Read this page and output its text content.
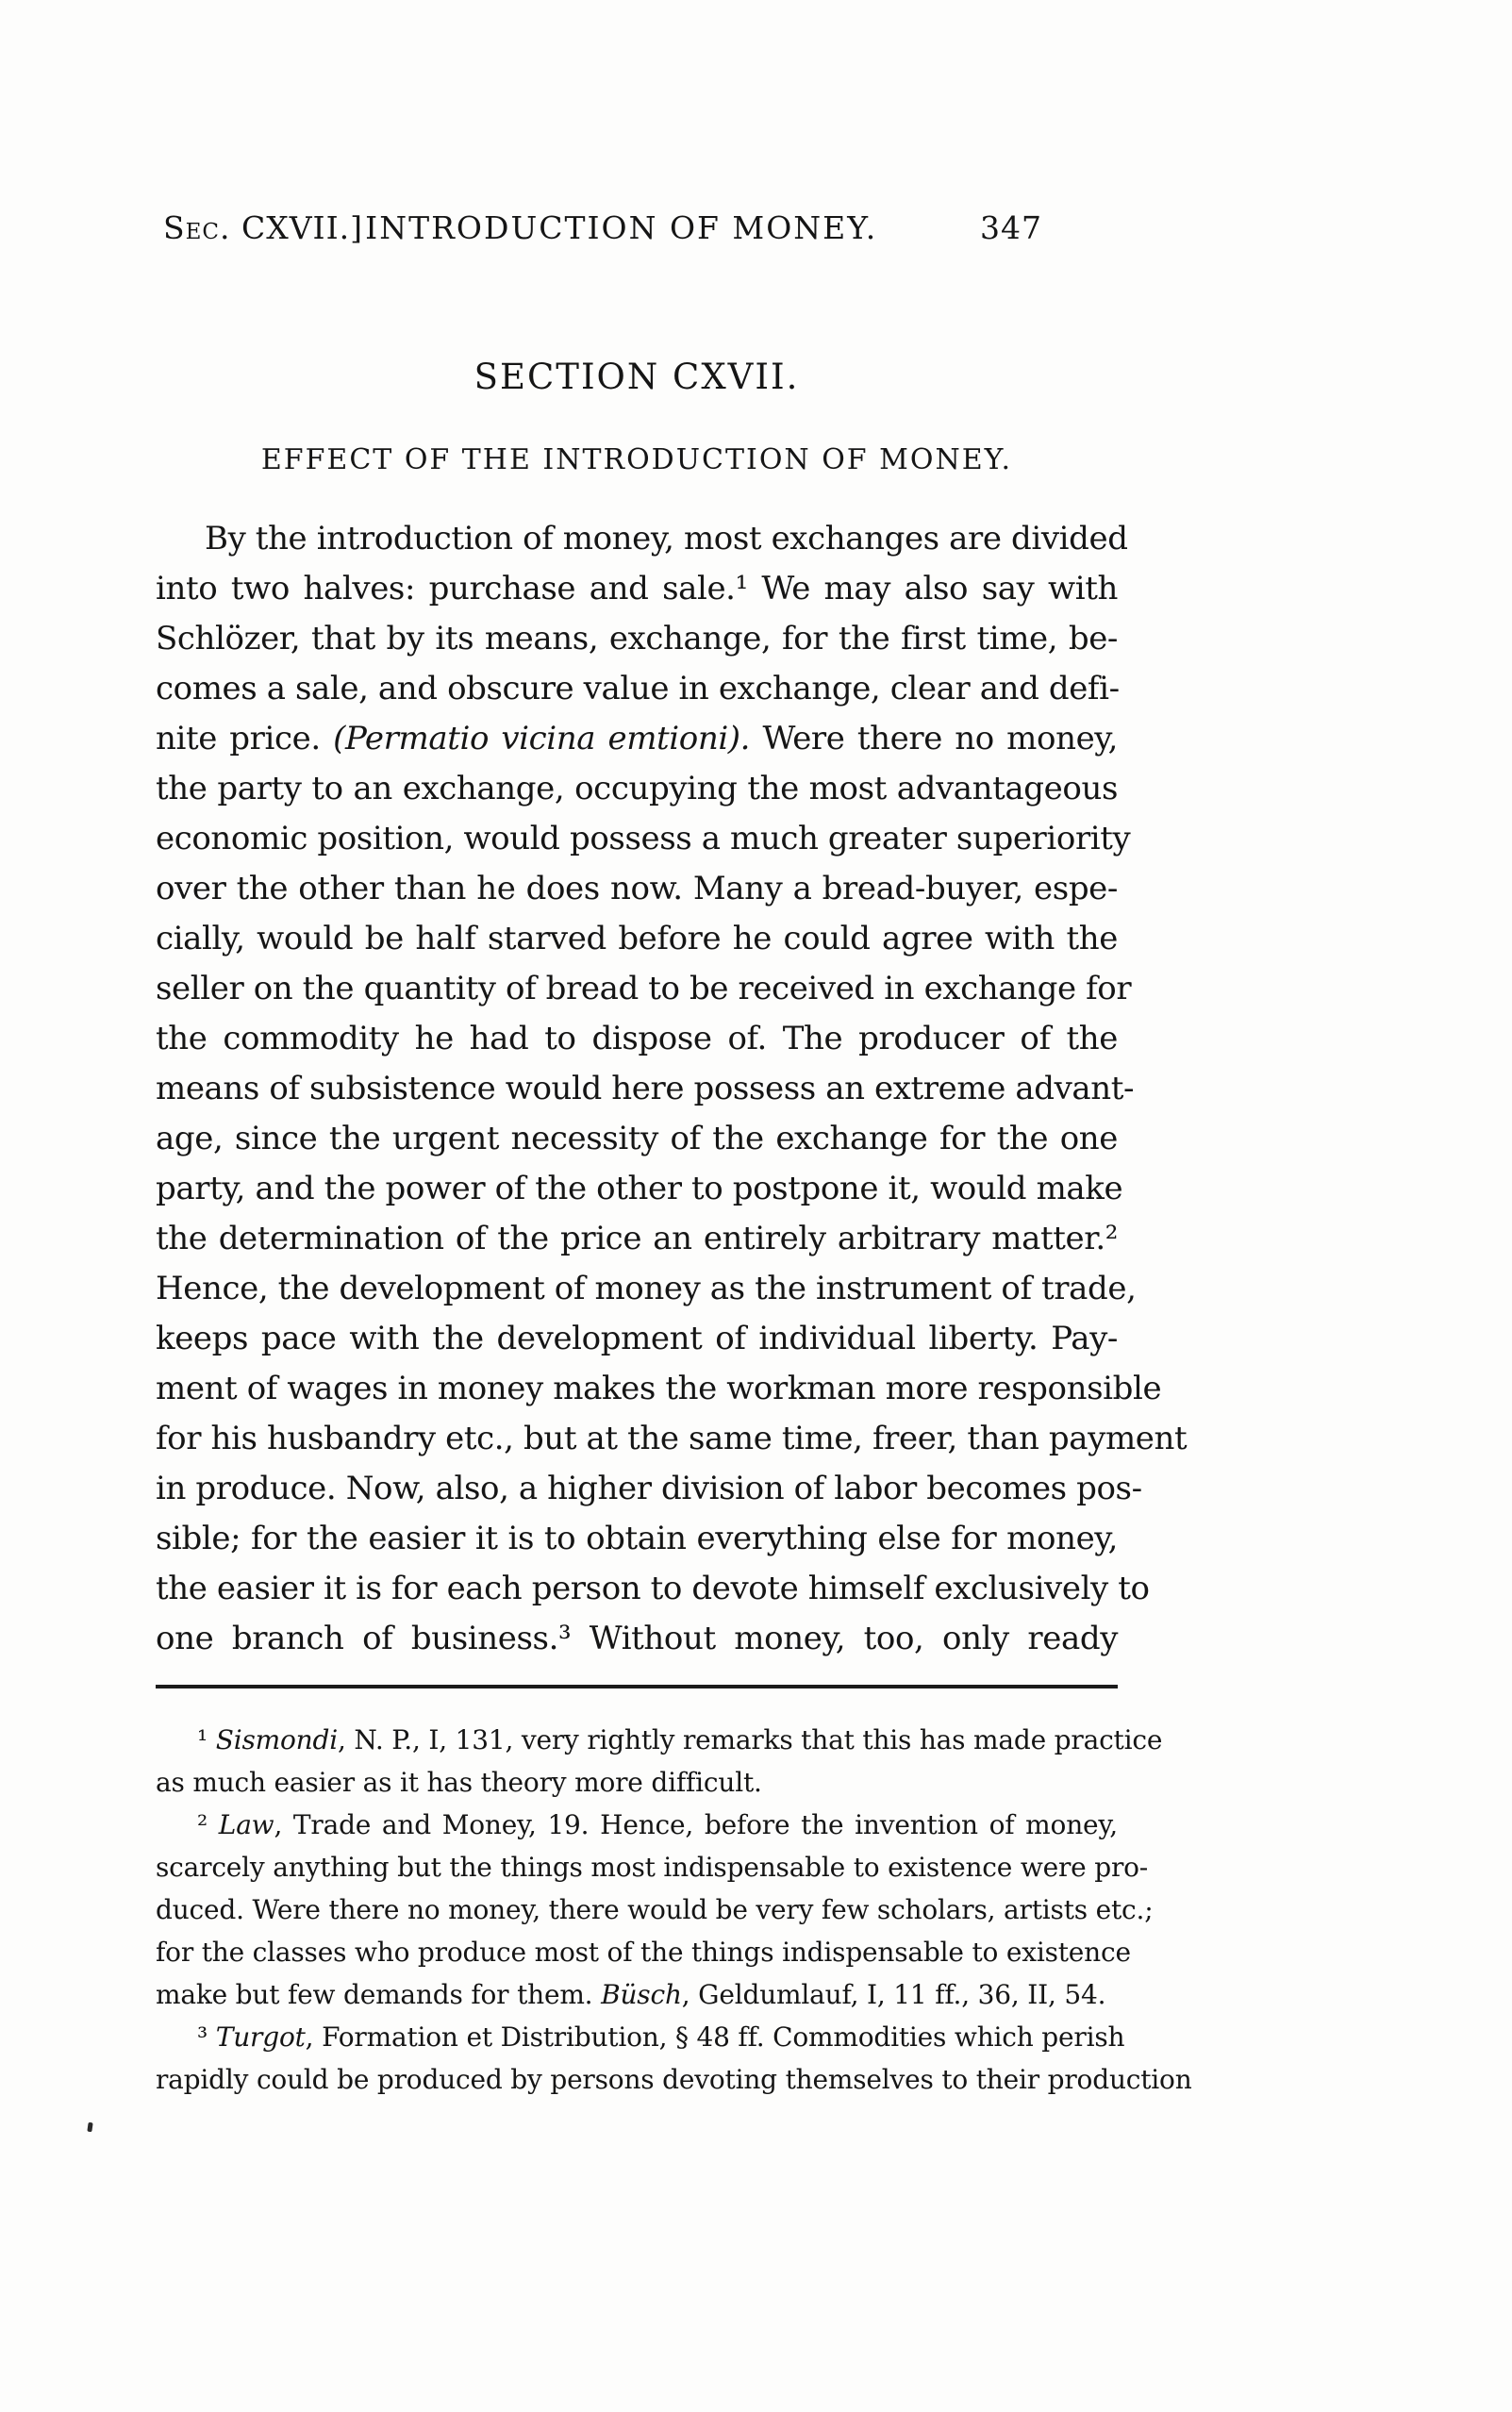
Sec. CXVII.] INTRODUCTION OF MONEY.	347
SECTION CXVII.
EFFECT OF THE INTRODUCTION OF MONEY.
By the introduction of money, most exchanges are divided
into two halves: purchase and sale.¹ We may also say with
Schlözer, that by its means, exchange, for the first time, be-
comes a sale, and obscure value in exchange, clear and defi-
nite price. (Permatio vicina emtioni). Were there no money,
the party to an exchange, occupying the most advantageous
economic position, would possess a much greater superiority
over the other than he does now. Many a bread-buyer, espe-
cially, would be half starved before he could agree with the
seller on the quantity of bread to be received in exchange for
the commodity he had to dispose of. The producer of the
means of subsistence would here possess an extreme advant-
age, since the urgent necessity of the exchange for the one
party, and the power of the other to postpone it, would make
the determination of the price an entirely arbitrary matter.²
Hence, the development of money as the instrument of trade,
keeps pace with the development of individual liberty. Pay-
ment of wages in money makes the workman more responsible
for his husbandry etc., but at the same time, freer, than payment
in produce. Now, also, a higher division of labor becomes pos-
sible; for the easier it is to obtain everything else for money,
the easier it is for each person to devote himself exclusively to
one branch of business.³ Without money, too, only ready
¹ Sismondi, N. P., I, 131, very rightly remarks that this has made practice
as much easier as it has theory more difficult.
² Law, Trade and Money, 19. Hence, before the invention of money,
scarcely anything but the things most indispensable to existence were pro-
duced. Were there no money, there would be very few scholars, artists etc.;
for the classes who produce most of the things indispensable to existence
make but few demands for them. Büsch, Geldumlauf, I, 11 ff., 36, II, 54.
³ Turgot, Formation et Distribution, § 48 ff. Commodities which perish
rapidly could be produced by persons devoting themselves to their production
